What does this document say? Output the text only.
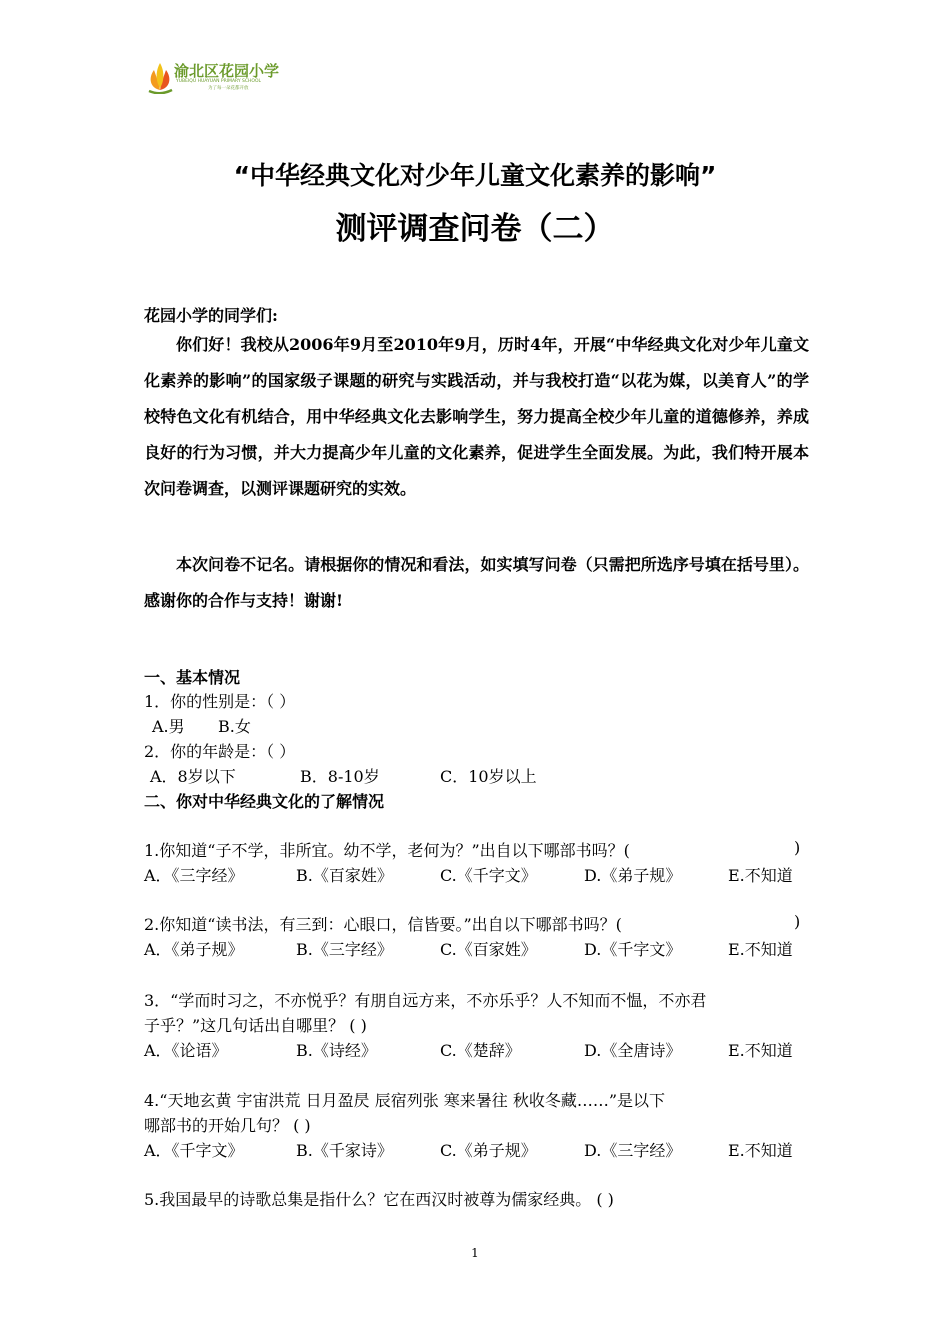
渝北区花园小学
YUBEIQU HUAYUAN PRIMARY SCHOOL
为了每一朵花都开放
“中华经典文化对少年儿童文化素养的影响”
测评调查问卷（二）
花园小学的同学们:

你们好！我校从2006年9月至2010年9月，历时4年，开展“中华经典文化对少年儿童文化素养的影响”的国家级子课题的研究与实践活动，并与我校打造“以花为媒，以美育人”的学校特色文化有机结合，用中华经典文化去影响学生，努力提高全校少年儿童的道德修养，养成良好的行为习惯，并大力提高少年儿童的文化素养，促进学生全面发展。为此，我们特开展本次问卷调查，以测评课题研究的实效。

本次问卷不记名。请根据你的情况和看法，如实填写问卷（只需把所选序号填在括号里）。感谢你的合作与支持！谢谢!

一、基本情况
1．你的性别是：（ ）
A.男 B.女
2．你的年龄是：（ ）
A．8岁以下	B．8-10岁	C．10岁以上
二、你对中华经典文化的了解情况
1.你知道“子不学，非所宜。幼不学，老何为？”出自以下哪部书吗？(	)
A．《三字经》	B.《百家姓》	C.《千字文》	D.《弟子规》	E.不知道
2.你知道“读书法，有三到：心眼口，信皆要。”出自以下哪部书吗？(	)
A．《弟子规》	B.《三字经》	C.《百家姓》	D.《千字文》	E.不知道
3．“学而时习之，不亦悦乎？有朋自远方来，不亦乐乎？人不知而不愠，不亦君
子乎？”这几句话出自哪里？ ( )
A．《论语》	B.《诗经》	C.《楚辞》	D.《全唐诗》	E.不知道
4.“天地玄黄 宇宙洪荒 日月盈昃 辰宿列张 寒来暑往 秋收冬藏……”是以下
哪部书的开始几句？ ( )
A．《千字文》	B.《千家诗》	C.《弟子规》	D.《三字经》	E.不知道
5.我国最早的诗歌总集是指什么？它在西汉时被尊为儒家经典。 ( )
1
